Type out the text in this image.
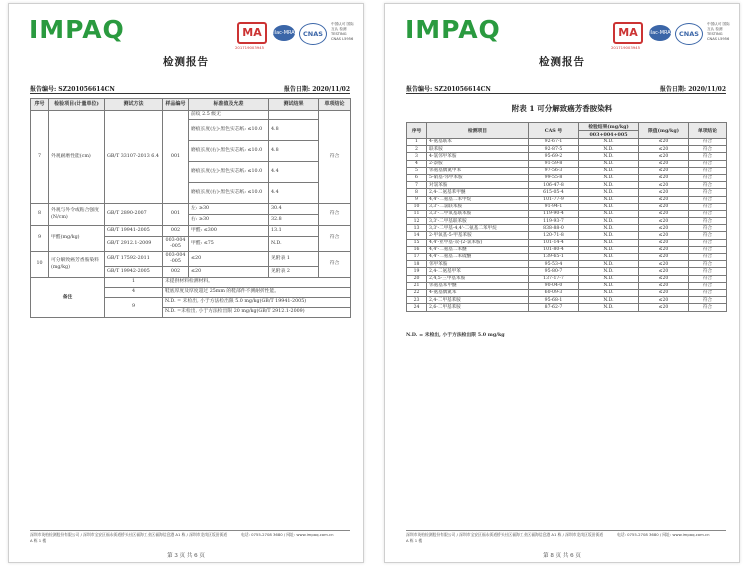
IMPAQ	MA
201719003945
ilac-MRA	CNAS
中国认可 国际互认 检测 TESTING CNAS L5956
检测报告
报告编号: SZ201056614CN	报告日期: 2020/11/02
序号	检验项目(计量单位)	测试方法	样品编号	标准值及允差	测试结果	单项结论
7	外观耐磨性能(cm)	GB/T 33107-2013 6.4	001	前纹 2.5 级无		符合
				磨痕长度(左)-黑色实芯纸: ≤10.0	4.8	
				磨痕长度(右)-黑色实芯纸: ≤10.0	4.8	
				磨痕长度(左)-黑色实芯纸: ≤10.0	4.4	
				磨痕长度(右)-黑色实芯纸: ≤10.0	4.4	
8	外观与外令或粘合强度(N/cm)	GB/T 2890-2007	001	左: ≥30	30.4	符合
				右: ≥30	32.8	
9	甲醛(mg/kg)	GB/T 19941-2005	002	甲醛: ≤300	13.1	符合
		GB/T 2912.1-2009	003-004-005	甲醛: ≤75	N.D.	
10	可分解致癌芳香胺染料(mg/kg)	GB/T 17592-2011	003-004-005	≤20	见附表 1	符合
		GB/T 19942-2005	002	≤20	见附表 2	
备注		1	未提供材料检测材料。			
		4	鞋底厚度及厚度超过 25mm 的鞋部件不测耐折性能。			
		9	N.D. = 未检出, 小于方法检出限 5.0 mg/kg(GB/T 19941-2005)			
			N.D. =未检出, 小于方法检出限 20 mg/kg(GB/T 2912.1-2009)			
深圳市英柏检测股份有限公司 / 深圳市宝安区福永街道桥头社区福海工业区福海信息港 A1 栋 / 深圳市龙岗区坂田街道 A 栋 1 楼
电话: 0755-2708 3680 / 网址: www.impaq.com.cn
第 3 页 共 6 页
IMPAQ	MA
201719003945
ilac-MRA	CNAS
中国认可 国际互认 检测 TESTING CNAS L5956
检测报告
报告编号: SZ201056614CN	报告日期: 2020/11/02
附表 1 可分解致癌芳香胺染料
序号	检测项目	CAS 号	检验结果(mg/kg)	限值(mg/kg)	单项结论
			003+004+005		
1	4-氨基联苯	92-67-1	N.D.	≤20	符合
2	联苯胺	92-87-5	N.D.	≤20	符合
3	4-氯邻甲苯胺	95-69-2	N.D.	≤20	符合
4	2-萘胺	91-59-8	N.D.	≤20	符合
5	邻氨基偶氮甲苯	97-56-3	N.D.	≤20	符合
6	5-硝基-邻甲苯胺	99-55-8	N.D.	≤20	符合
7	对氯苯胺	106-47-8	N.D.	≤20	符合
8	2,4-二氨基苯甲醚	615-05-4	N.D.	≤20	符合
9	4,4'-二氨基二苯甲烷	101-77-9	N.D.	≤20	符合
10	3,3'-二氯联苯胺	91-94-1	N.D.	≤20	符合
11	3,3'-二甲氧基联苯胺	119-90-4	N.D.	≤20	符合
12	3,3'-二甲基联苯胺	119-93-7	N.D.	≤20	符合
13	3,3'-二甲基-4,4'-二氨基二苯甲烷	838-88-0	N.D.	≤20	符合
14	2-甲氧基-5-甲基苯胺	120-71-8	N.D.	≤20	符合
15	4,4'-亚甲基-双-(2-氯苯胺)	101-14-4	N.D.	≤20	符合
16	4,4'-二氨基二苯醚	101-80-4	N.D.	≤20	符合
17	4,4'-二氨基二苯硫醚	139-65-1	N.D.	≤20	符合
18	邻甲苯胺	95-53-4	N.D.	≤20	符合
19	2,4-二氨基甲苯	95-80-7	N.D.	≤20	符合
20	2,4,5-三甲基苯胺	137-17-7	N.D.	≤20	符合
21	邻氨基苯甲醚	90-04-0	N.D.	≤20	符合
22	4-氨基偶氮苯	60-09-3	N.D.	≤20	符合
23	2,4-二甲基苯胺	95-68-1	N.D.	≤20	符合
24	2,6-二甲基苯胺	87-62-7	N.D.	≤20	符合
N.D. = 未检出, 小于方法检出限 5.0 mg/kg
深圳市英柏检测股份有限公司 / 深圳市宝安区福永街道桥头社区福海工业区福海信息港 A1 栋 / 深圳市龙岗区坂田街道 A 栋 1 楼
电话: 0755-2708 3680 / 网址: www.impaq.com.cn
第 8 页 共 6 页
